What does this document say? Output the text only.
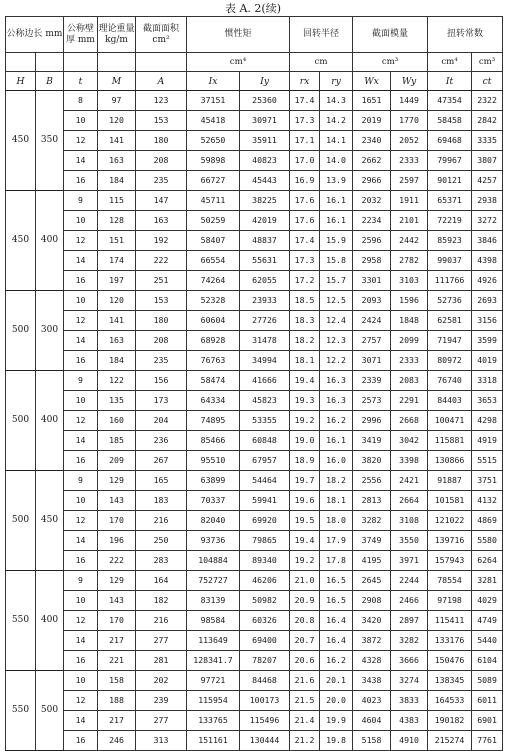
表 A. 2(续)
公称边长 mm		公称壁厚 mm	理论重量 kg/m	截面面积 cm²	惯性矩		回转半径		截面模量		扭转常数	
					cm⁴		cm		cm³		cm⁴	cm³
H	B	t	M	A	Ix	Iy	rx	ry	Wx	Wy	It	ct
450	350	8	97	123	37151	25360	17.4	14.3	1651	1449	47354	2322
		10	120	153	45418	30971	17.3	14.2	2019	1770	58458	2842
		12	141	180	52650	35911	17.1	14.1	2340	2052	69468	3335
		14	163	208	59898	40823	17.0	14.0	2662	2333	79967	3807
		16	184	235	66727	45443	16.9	13.9	2966	2597	90121	4257
450	400	9	115	147	45711	38225	17.6	16.1	2032	1911	65371	2938
		10	128	163	50259	42019	17.6	16.1	2234	2101	72219	3272
		12	151	192	58407	48837	17.4	15.9	2596	2442	85923	3846
		14	174	222	66554	55631	17.3	15.8	2958	2782	99037	4398
		16	197	251	74264	62055	17.2	15.7	3301	3103	111766	4926
500	300	10	120	153	52328	23933	18.5	12.5	2093	1596	52736	2693
		12	141	180	60604	27726	18.3	12.4	2424	1848	62581	3156
		14	163	208	68928	31478	18.2	12.3	2757	2099	71947	3599
		16	184	235	76763	34994	18.1	12.2	3071	2333	80972	4019
500	400	9	122	156	58474	41666	19.4	16.3	2339	2083	76740	3318
		10	135	173	64334	45823	19.3	16.3	2573	2291	84403	3653
		12	160	204	74895	53355	19.2	16.2	2996	2668	100471	4298
		14	185	236	85466	60848	19.0	16.1	3419	3042	115881	4919
		16	209	267	95510	67957	18.9	16.0	3820	3398	130866	5515
500	450	9	129	165	63899	54464	19.7	18.2	2556	2421	91887	3751
		10	143	183	70337	59941	19.6	18.1	2813	2664	101581	4132
		12	170	216	82040	69920	19.5	18.0	3282	3108	121022	4869
		14	196	250	93736	79865	19.4	17.9	3749	3550	139716	5580
		16	222	283	104884	89340	19.2	17.8	4195	3971	157943	6264
550	400	9	129	164	752727	46206	21.0	16.5	2645	2244	78554	3281
		10	143	182	83139	50982	20.9	16.5	2908	2466	97198	4029
		12	170	216	98584	60326	20.8	16.4	3420	2897	115411	4749
		14	217	277	113649	69400	20.7	16.4	3872	3282	133176	5440
		16	221	281	128341.7	78207	20.6	16.2	4328	3666	150476	6104
550	500	10	158	202	97721	84468	21.6	20.1	3438	3274	138345	5089
		12	188	239	115954	100173	21.5	20.0	4023	3833	164533	6011
		14	217	277	133765	115496	21.4	19.9	4604	4383	190182	6901
		16	246	313	151161	130444	21.2	19.8	5158	4910	215274	7761
